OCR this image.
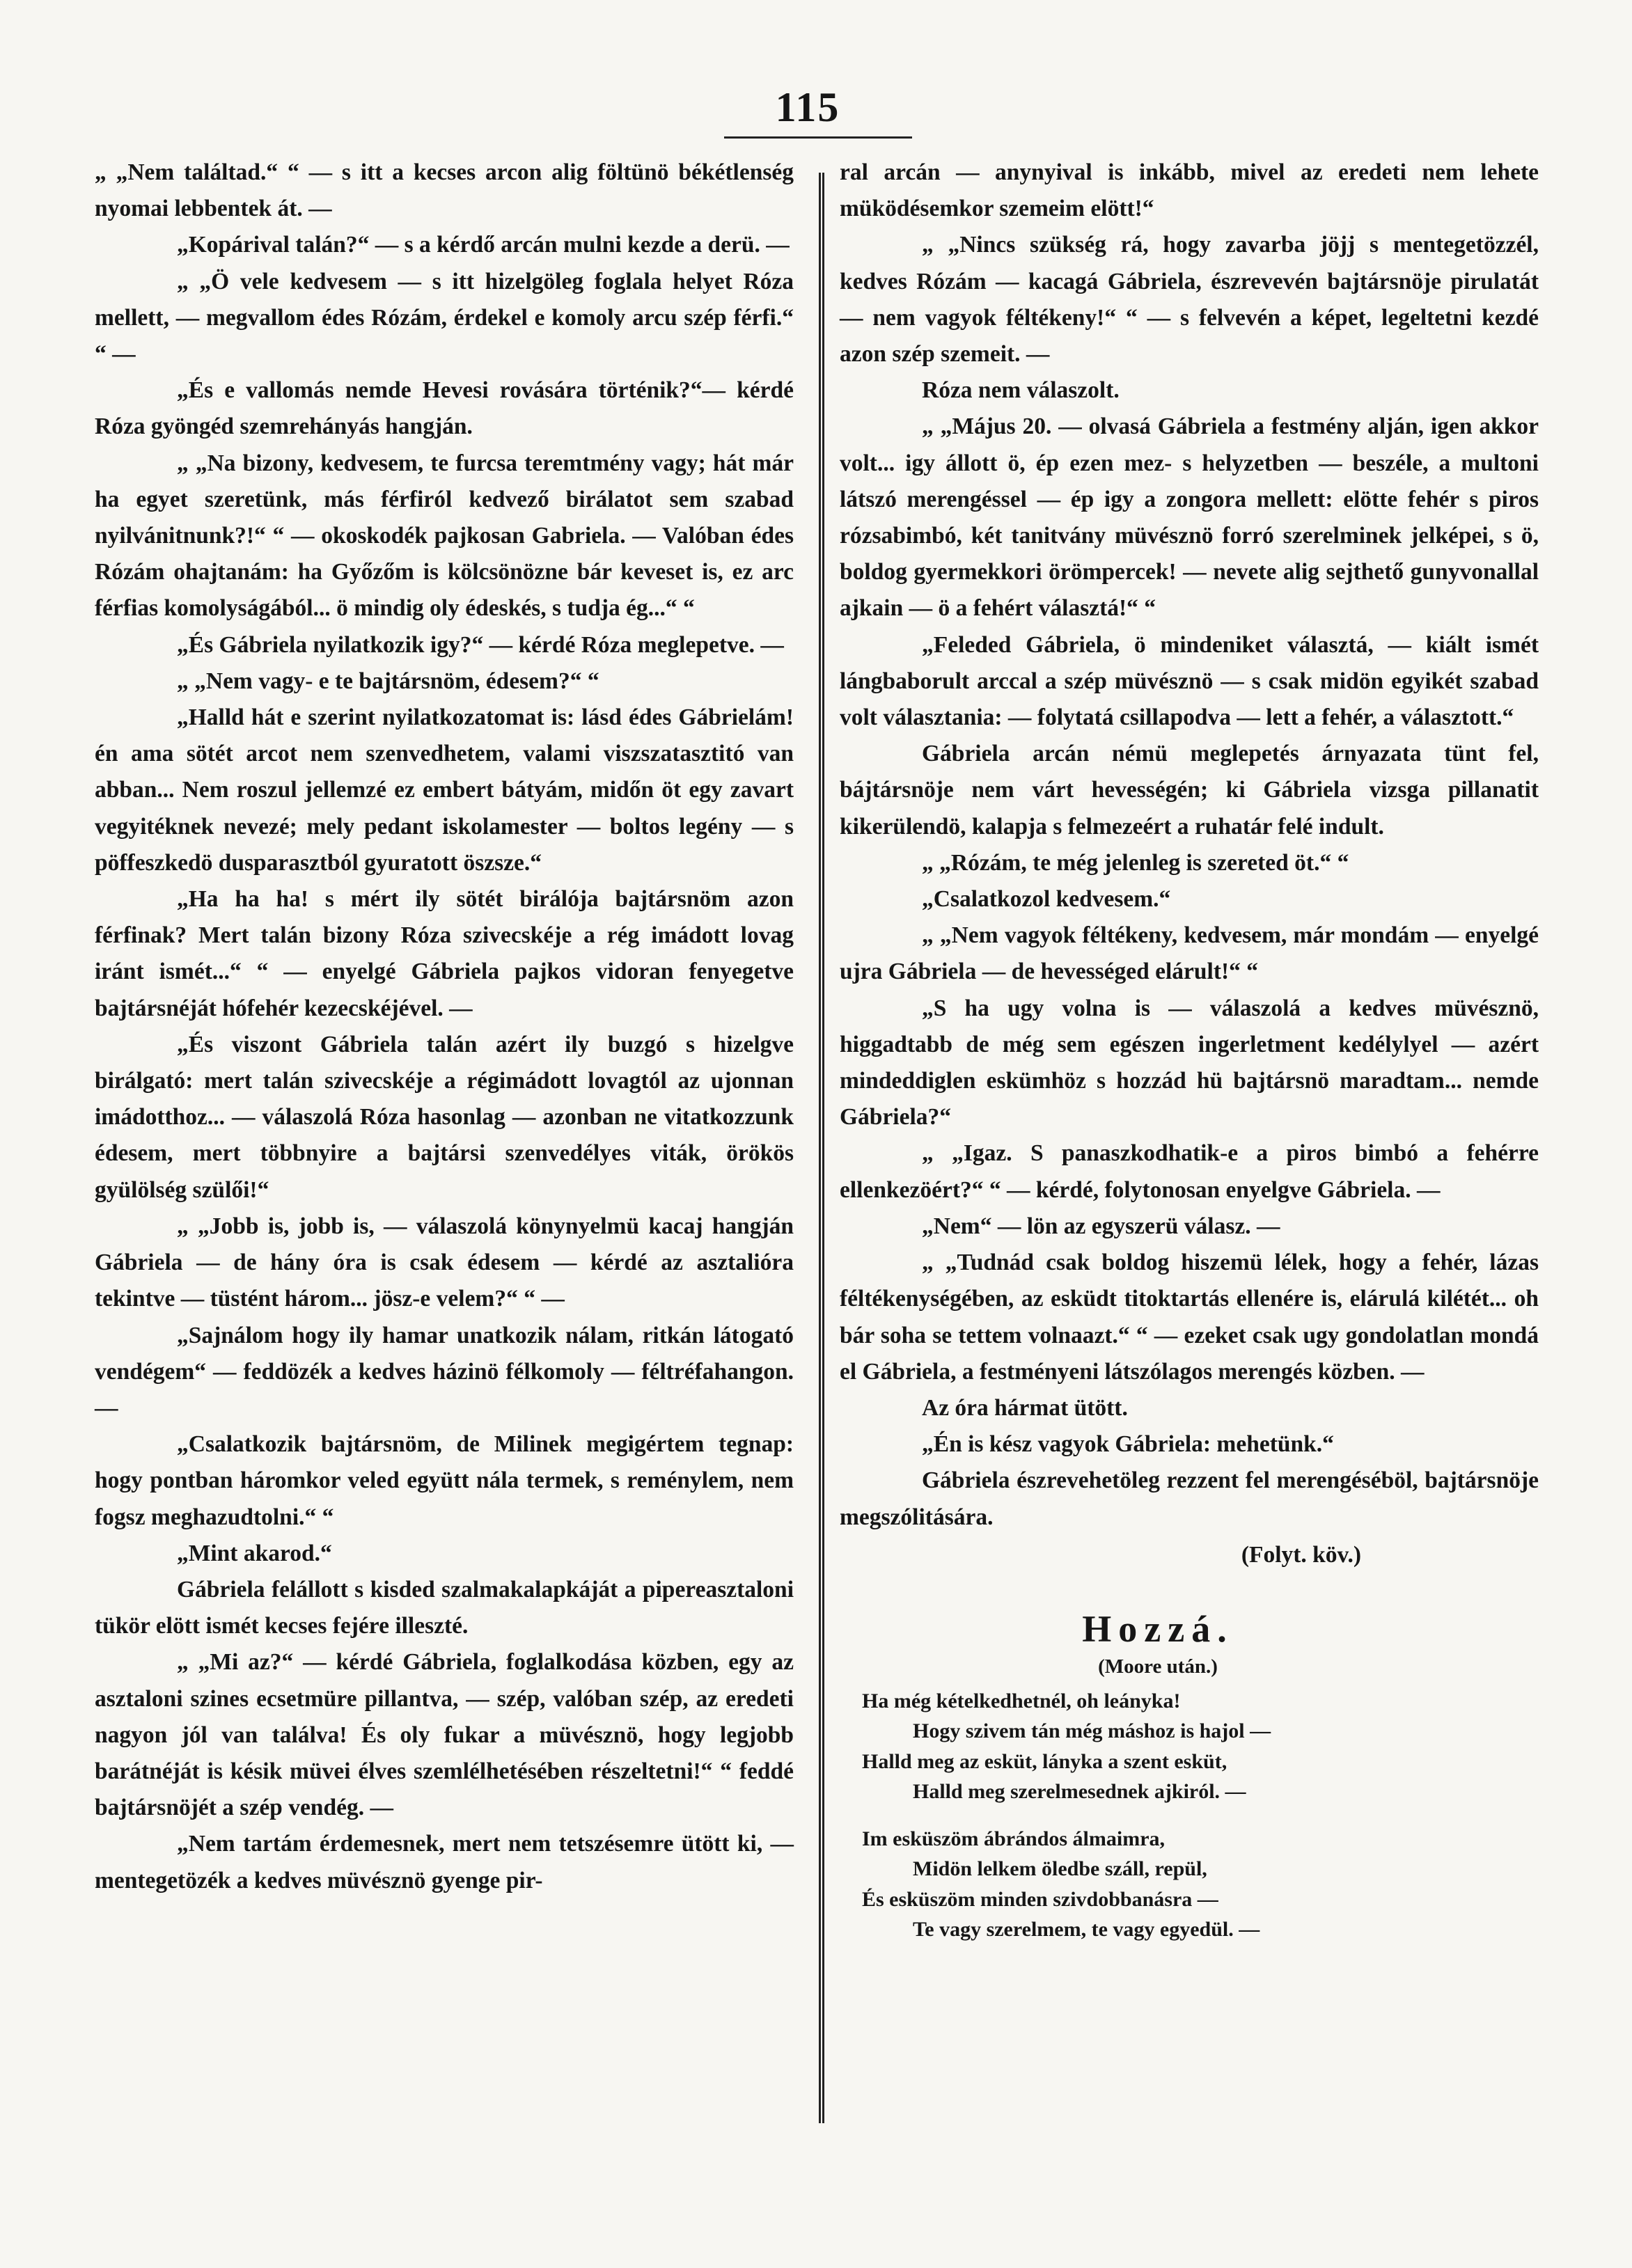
115

„ „Nem találtad.“ “ — s itt a kecses arcon alig föltünö békétlenség nyomai lebbentek át. —

„Kopárival talán?“ — s a kérdő arcán mulni kezde a derü. —

„ „Ö vele kedvesem — s itt hizelgöleg foglala helyet Róza mellett, — megvallom édes Rózám, érdekel e komoly arcu szép férfi.“ “ —

„És e vallomás nemde Hevesi rovására történik?“— kérdé Róza gyöngéd szemrehányás hangján.

„ „Na bizony, kedvesem, te furcsa teremtmény vagy; hát már ha egyet szeretünk, más férfiról kedvező birálatot sem szabad nyilvánitnunk?!“ “ — okoskodék pajkosan Gabriela. — Valóban édes Rózám ohajtanám: ha Győzőm is kölcsönözne bár keveset is, ez arc férfias komolyságából... ö mindig oly édeskés, s tudja ég...“ “

„És Gábriela nyilatkozik igy?“ — kérdé Róza meglepetve. —

„ „Nem vagy- e te bajtársnöm, édesem?“ “

„Halld hát e szerint nyilatkozatomat is: lásd édes Gábrielám! én ama sötét arcot nem szenvedhetem, valami viszszatasztitó van abban... Nem roszul jellemzé ez embert bátyám, midőn öt egy zavart vegyitéknek nevezé; mely pedant iskolamester — boltos legény — s pöffeszkedö dusparasztból gyuratott öszsze.“

„Ha ha ha! s mért ily sötét birálója bajtársnöm azon férfinak? Mert talán bizony Róza szivecskéje a rég imádott lovag iránt ismét...“ “ — enyelgé Gábriela pajkos vidoran fenyegetve bajtársnéját hófehér kezecskéjével. —

„És viszont Gábriela talán azért ily buzgó s hizelgve birálgató: mert talán szivecskéje a régimádott lovagtól az ujonnan imádotthoz... — válaszolá Róza hasonlag — azonban ne vitatkozzunk édesem, mert többnyire a bajtársi szenvedélyes viták, örökös gyülölség szülői!“

„ „Jobb is, jobb is, — válaszolá könynyelmü kacaj hangján Gábriela — de hány óra is csak édesem — kérdé az asztalióra tekintve — tüstént három... jösz-e velem?“ “ —

„Sajnálom hogy ily hamar unatkozik nálam, ritkán látogató vendégem“ — feddözék a kedves házinö félkomoly — féltréfahangon. —

„Csalatkozik bajtársnöm, de Milinek megigértem tegnap: hogy pontban háromkor veled együtt nála termek, s reménylem, nem fogsz meghazudtolni.“ “

„Mint akarod.“

Gábriela felállott s kisded szalmakalapkáját a pipereasztaloni tükör elött ismét kecses fejére illeszté.

„ „Mi az?“ — kérdé Gábriela, foglalkodása közben, egy az asztaloni szines ecsetmüre pillantva, — szép, valóban szép, az eredeti nagyon jól van találva! És oly fukar a müvésznö, hogy legjobb barátnéját is késik müvei élves szemlélhetésében részeltetni!“ “ feddé bajtársnöjét a szép vendég. —

„Nem tartám érdemesnek, mert nem tetszésemre ütött ki, — mentegetözék a kedves müvésznö gyenge pir-

ral arcán — anynyival is inkább, mivel az eredeti nem lehete müködésemkor szemeim elött!“

„ „Nincs szükség rá, hogy zavarba jöjj s mentegetözzél, kedves Rózám — kacagá Gábriela, észrevevén bajtársnöje pirulatát — nem vagyok féltékeny!“ “ — s felvevén a képet, legeltetni kezdé azon szép szemeit. —

Róza nem válaszolt.

„ „Május 20. — olvasá Gábriela a festmény alján, igen akkor volt... igy állott ö, ép ezen mez- s helyzetben — beszéle, a multoni látszó merengéssel — ép igy a zongora mellett: elötte fehér s piros rózsabimbó, két tanitvány müvésznö forró szerelminek jelképei, s ö, boldog gyermekkori örömpercek! — nevete alig sejthető gunyvonallal ajkain — ö a fehért választá!“ “

„Feleded Gábriela, ö mindeniket választá, — kiált ismét lángbaborult arccal a szép müvésznö — s csak midön egyikét szabad volt választania: — folytatá csillapodva — lett a fehér, a választott.“

Gábriela arcán némü meglepetés árnyazata tünt fel, bájtársnöje nem várt hevességén; ki Gábriela vizsga pillanatit kikerülendö, kalapja s felmezeért a ruhatár felé indult.

„ „Rózám, te még jelenleg is szereted öt.“ “

„Csalatkozol kedvesem.“

„ „Nem vagyok féltékeny, kedvesem, már mondám — enyelgé ujra Gábriela — de hevességed elárult!“ “

„S ha ugy volna is — válaszolá a kedves müvésznö, higgadtabb de még sem egészen ingerletment kedélylyel — azért mindeddiglen eskümhöz s hozzád hü bajtársnö maradtam... nemde Gábriela?“

„ „Igaz. S panaszkodhatik-e a piros bimbó a fehérre ellenkezöért?“ “ — kérdé, folytonosan enyelgve Gábriela. —

„Nem“ — lön az egyszerü válasz. —

„ „Tudnád csak boldog hiszemü lélek, hogy a fehér, lázas féltékenységében, az esküdt titoktartás ellenére is, elárulá kilétét... oh bár soha se tettem volnaazt.“ “ — ezeket csak ugy gondolatlan mondá el Gábriela, a festményeni látszólagos merengés közben. —

Az óra hármat ütött.

„Én is kész vagyok Gábriela: mehetünk.“

Gábriela észrevehetöleg rezzent fel merengéséböl, bajtársnöje megszólitására.

(Folyt. köv.)

Hozzá.
(Moore után.)
Ha még kételkedhetnél, oh leányka!
Hogy szivem tán még máshoz is hajol —
Halld meg az esküt, lányka a szent esküt,
Halld meg szerelmesednek ajkiról. —
Im esküszöm ábrándos álmaimra,
Midön lelkem öledbe száll, repül,
És esküszöm minden szivdobbanásra —
Te vagy szerelmem, te vagy egyedül. —
